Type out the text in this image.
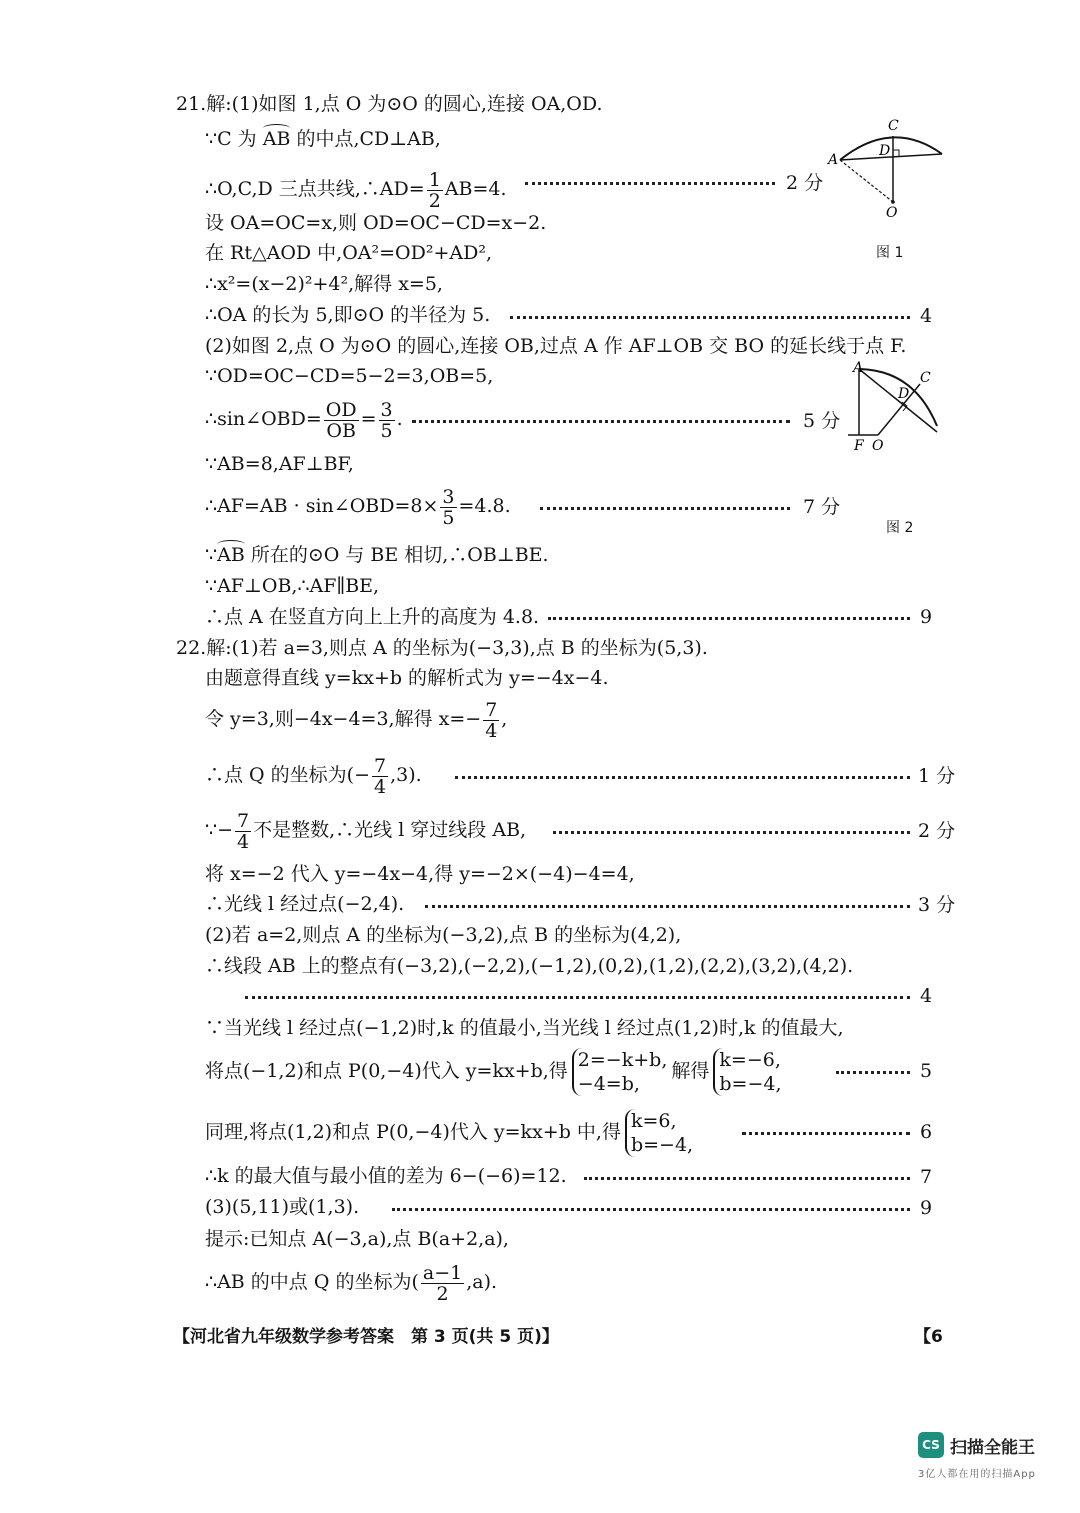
21.解:(1)如图 1,点 O 为⊙O 的圆心,连接 OA,OD.
∵C 为 AB 的中点,CD⊥AB,
∴O,C,D 三点共线,∴AD= $\frac{1}{2} AB=4$.	2 分
设 OA=OC=x,则 OD=OC−CD=x−2.
在 Rt△AOD 中,OA²=OD²+AD²,
∴x²=(x−2)²+4²,解得 x=5,
∴OA 的长为 5,即⊙O 的半径为 5.	4
(2)如图 2,点 O 为⊙O 的圆心,连接 OB,过点 A 作 AF⊥OB 交 BO 的延长线于点 F.
∵OD=OC−CD=5−2=3,OB=5,
∴sin∠OBD= $\frac{OD}{OB} = \frac{3}{5}$ .	5 分
∵AB=8,AF⊥BF,
∴AF=AB · sin∠OBD=8× $\frac{3}{5} =4.8$.	7 分
∵AB 所在的⊙O 与 BE 相切,∴OB⊥BE.
∵AF⊥OB,∴AF∥BE,
∴点 A 在竖直方向上上升的高度为 4.8.	9
C
A
D
O
图 1
A
C
D
F O
图 2
22.解:(1)若 a=3,则点 A 的坐标为(−3,3),点 B 的坐标为(5,3).
由题意得直线 y=kx+b 的解析式为 y=−4x−4.
令 y=3,则−4x−4=3,解得 $x=- \frac{7}{4}$ ,
∴点 Q 的坐标为(− $\frac{7}{4} ,3$).	1 分
∵− $\frac{7}{4}$ 不是整数,∴光线 l 穿过线段 AB,	2 分
将 x=−2 代入 y=−4x−4,得 y=−2×(−4)−4=4,
∴光线 l 经过点(−2,4).	3 分
(2)若 a=2,则点 A 的坐标为(−3,2),点 B 的坐标为(4,2),
∴线段 AB 上的整点有(−3,2),(−2,2),(−1,2),(0,2),(1,2),(2,2),(3,2),(4,2).
4
∵当光线 l 经过点(−1,2)时,k 的值最小,当光线 l 经过点(1,2)时,k 的值最大,
将点(−1,2)和点 P(0,−4)代入 y=kx+b,得 2=−k+b,
−4=b,
解得 k=−6,
b=−4,
5
同理,将点(1,2)和点 P(0,−4)代入 y=kx+b 中,得 k=6,
b=−4,
6
∴k 的最大值与最小值的差为 6−(−6)=12.	7
(3)(5,11)或(1,3).	9
提示:已知点 A(−3,a),点 B(a+2,a),
∴AB 的中点 Q 的坐标为( $\frac{a-1}{2} ,a$).
【河北省九年级数学参考答案　第 3 页(共 5 页)】	【6
CS 扫描全能王
3亿人都在用的扫描App
